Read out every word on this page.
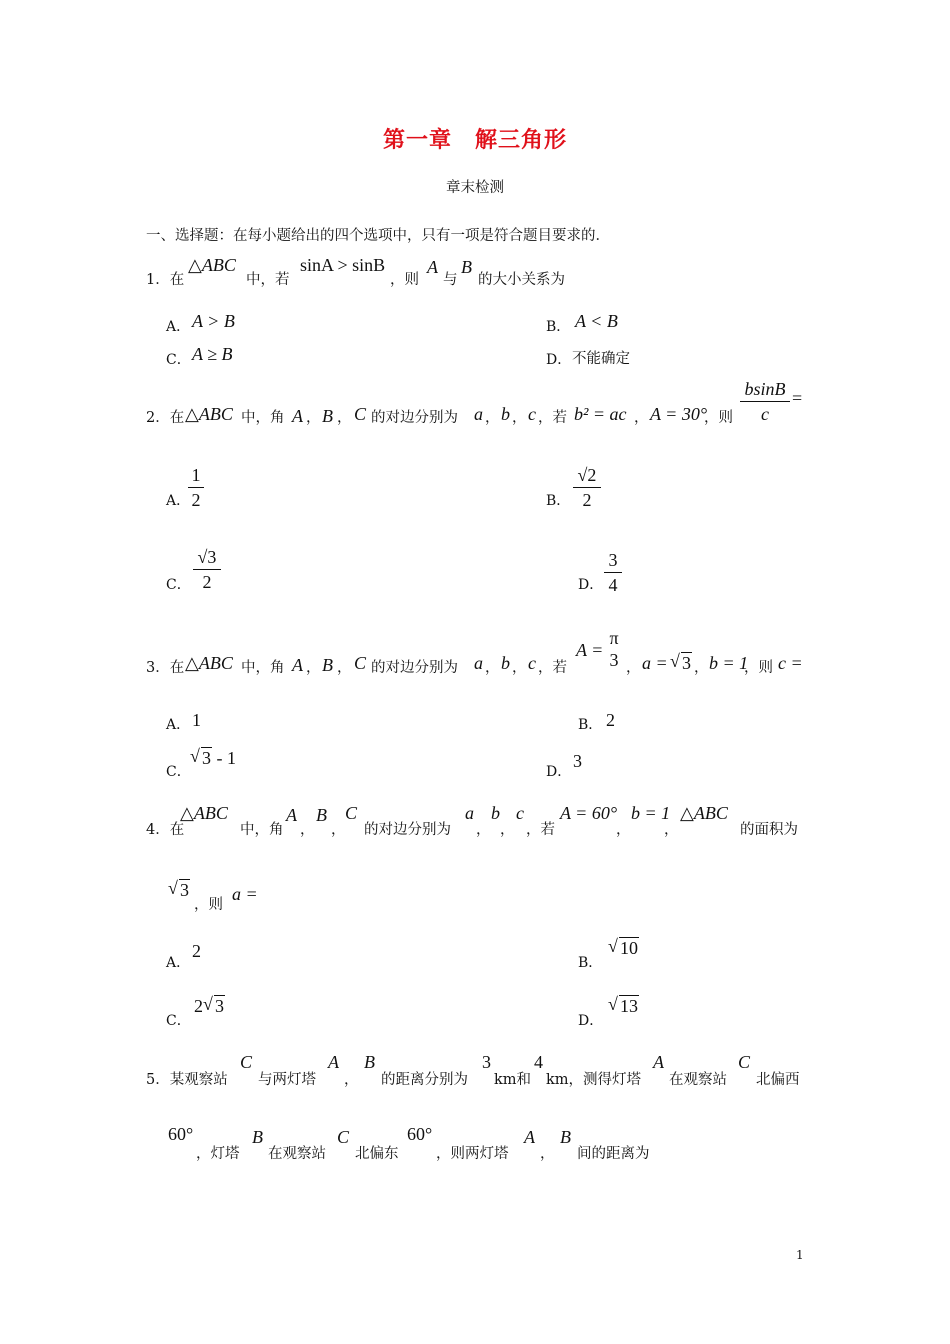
第一章　解三角形
章末检测
一、选择题：在每小题给出的四个选项中，只有一项是符合题目要求的．
1．在
△ABC
中，若
sinA > sinB
，则
A
与
B
的大小关系为
A． A > B	B． A < B
C． A ≥ B	D． 不能确定
2．在 △ABC 中，角 A ， B ， C 的对边分别为 a ， b ， c ，若 b² = ac ， A = 30°
，则
bsinB
c
=
A．
1
2	B．
√2
2
C．
√3
2	D．
3
4
3．在 △ABC 中，角 A ， B ， C 的对边分别为 a ， b ， c ，若
A =
π
3 ， a = √ 3 ， b = 1
，则 c =
A． 1	B． 2
C．
√ 3 - 1
D．
3
4．在
△ABC
中，角
A
，
B
，
C
的对边分别为
a
，
b
，
c
，若
A = 60°
，
b = 1
，
△ABC
的面积为
√ 3
，则
a =
A．
2
B．
√ 10
C．
2 √ 3
D．
√ 13
5．某观察站
C
与两灯塔
A
，
B
的距离分别为
3
km和
4
km，测得灯塔
A
在观察站
C
北偏西
60°
，灯塔
B
在观察站
C
北偏东
60°
，则两灯塔
A
，
B
间的距离为
1
